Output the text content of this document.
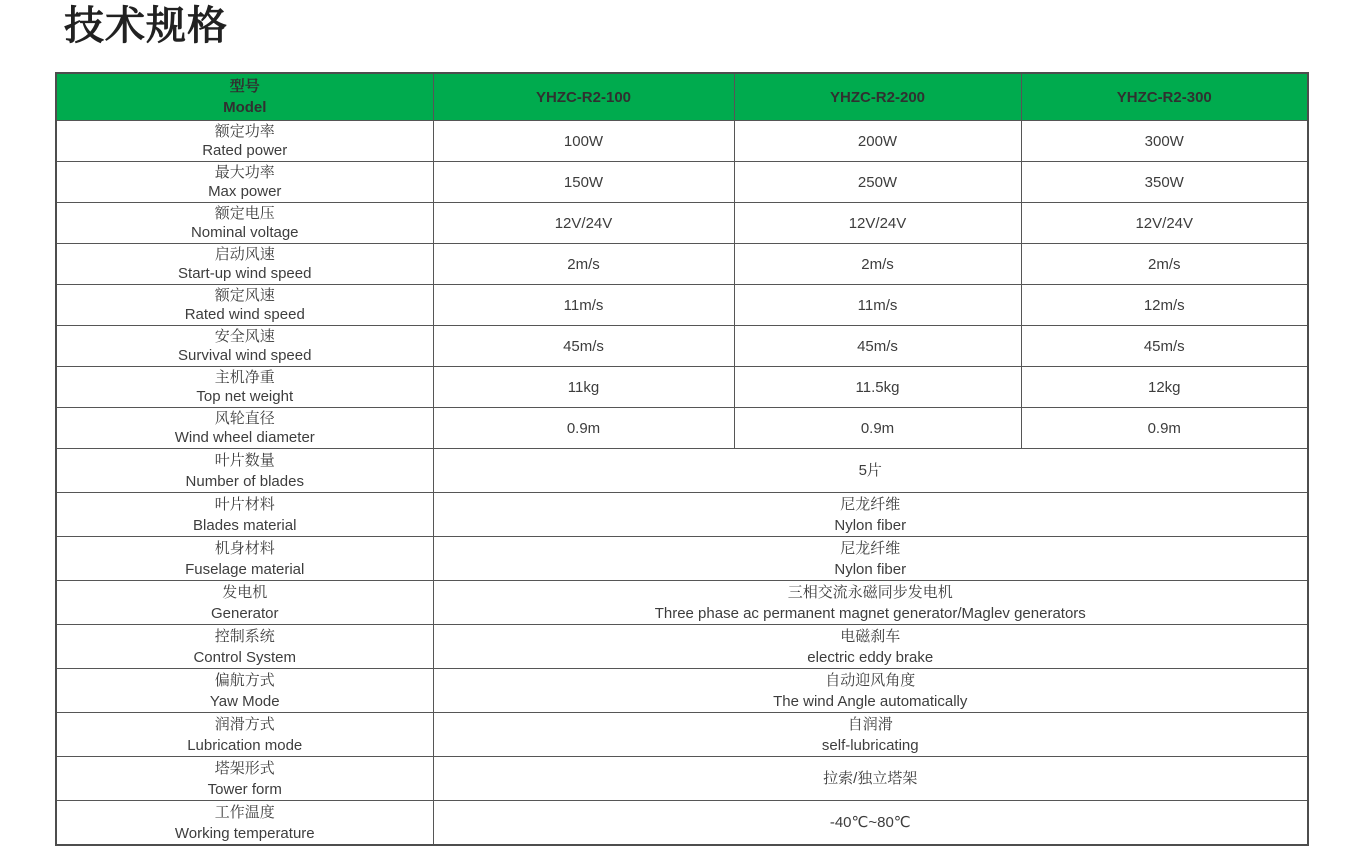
技术规格
型号
Model	YHZC-R2-100	YHZC-R2-200	YHZC-R2-300

额定功率
Rated power	100W	200W	300W

最大功率
Max power	150W	250W	350W

额定电压
Nominal voltage	12V/24V	12V/24V	12V/24V

启动风速
Start-up wind speed	2m/s	2m/s	2m/s

额定风速
Rated wind speed	11m/s	11m/s	12m/s

安全风速
Survival wind speed	45m/s	45m/s	45m/s

主机净重
Top net weight	11kg	11.5kg	12kg

风轮直径
Wind wheel diameter	0.9m	0.9m	0.9m

叶片数量
Number of blades	5片		

叶片材料
Blades material	尼龙纤维
Nylon fiber		

机身材料
Fuselage material	尼龙纤维
Nylon fiber		

发电机
Generator	三相交流永磁同步发电机
Three phase ac permanent magnet generator/Maglev generators		

控制系统
Control System	电磁刹车
electric eddy brake		

偏航方式
Yaw Mode	自动迎风角度
The wind Angle automatically		

润滑方式
Lubrication mode	自润滑
self-lubricating		

塔架形式
Tower form	拉索/独立塔架		

工作温度
Working temperature	-40℃~80℃		
